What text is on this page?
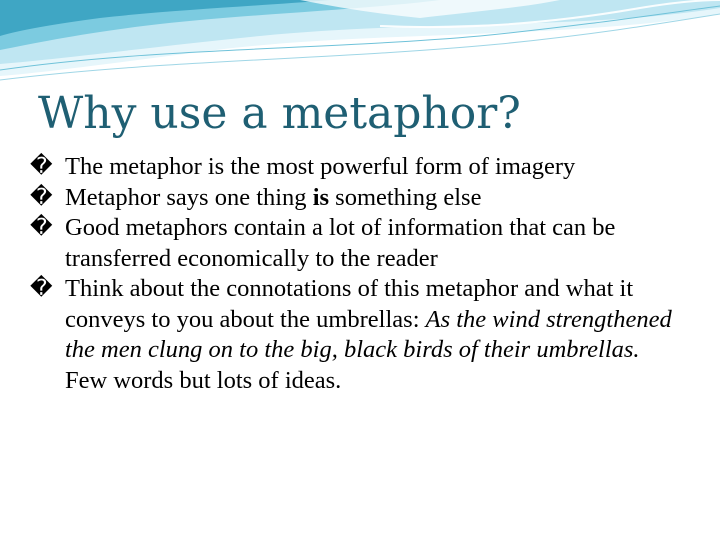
Why use a metaphor?
� The metaphor is the most powerful form of imagery
� Metaphor says one thing is something else
� Good metaphors contain a lot of information that can be transferred economically to the reader
� Think about the connotations of this metaphor and what it conveys to you about the umbrellas: As the wind strengthened the men clung on to the big, black birds of their umbrellas.  Few words but lots of ideas.
